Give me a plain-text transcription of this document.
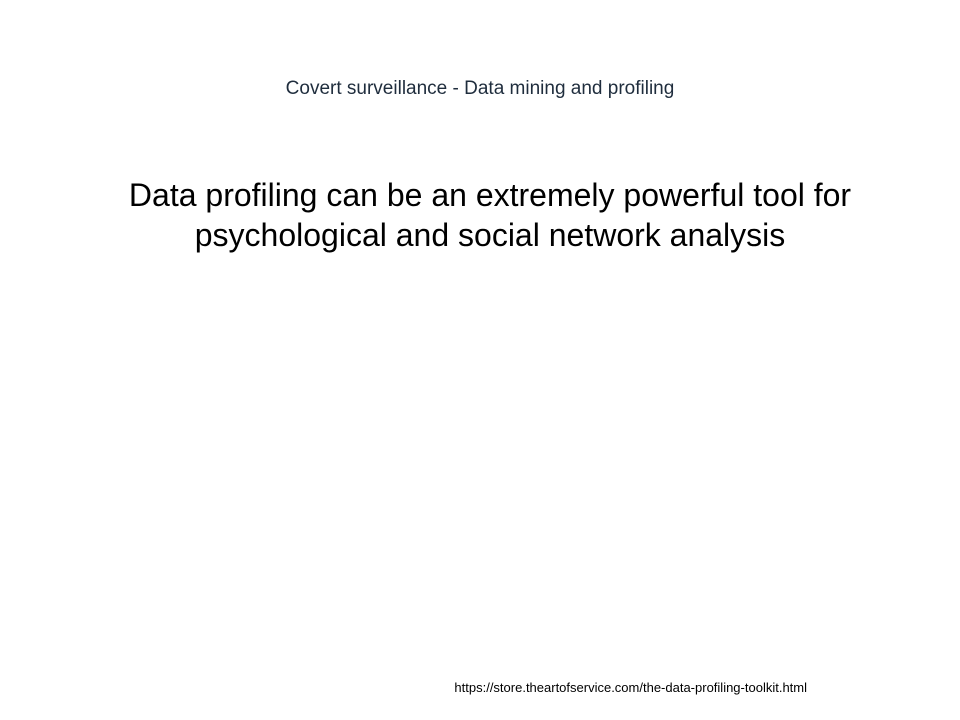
Covert surveillance - Data mining and profiling

Data profiling can be an extremely powerful tool for psychological and social network analysis

https://store.theartofservice.com/the-data-profiling-toolkit.html
